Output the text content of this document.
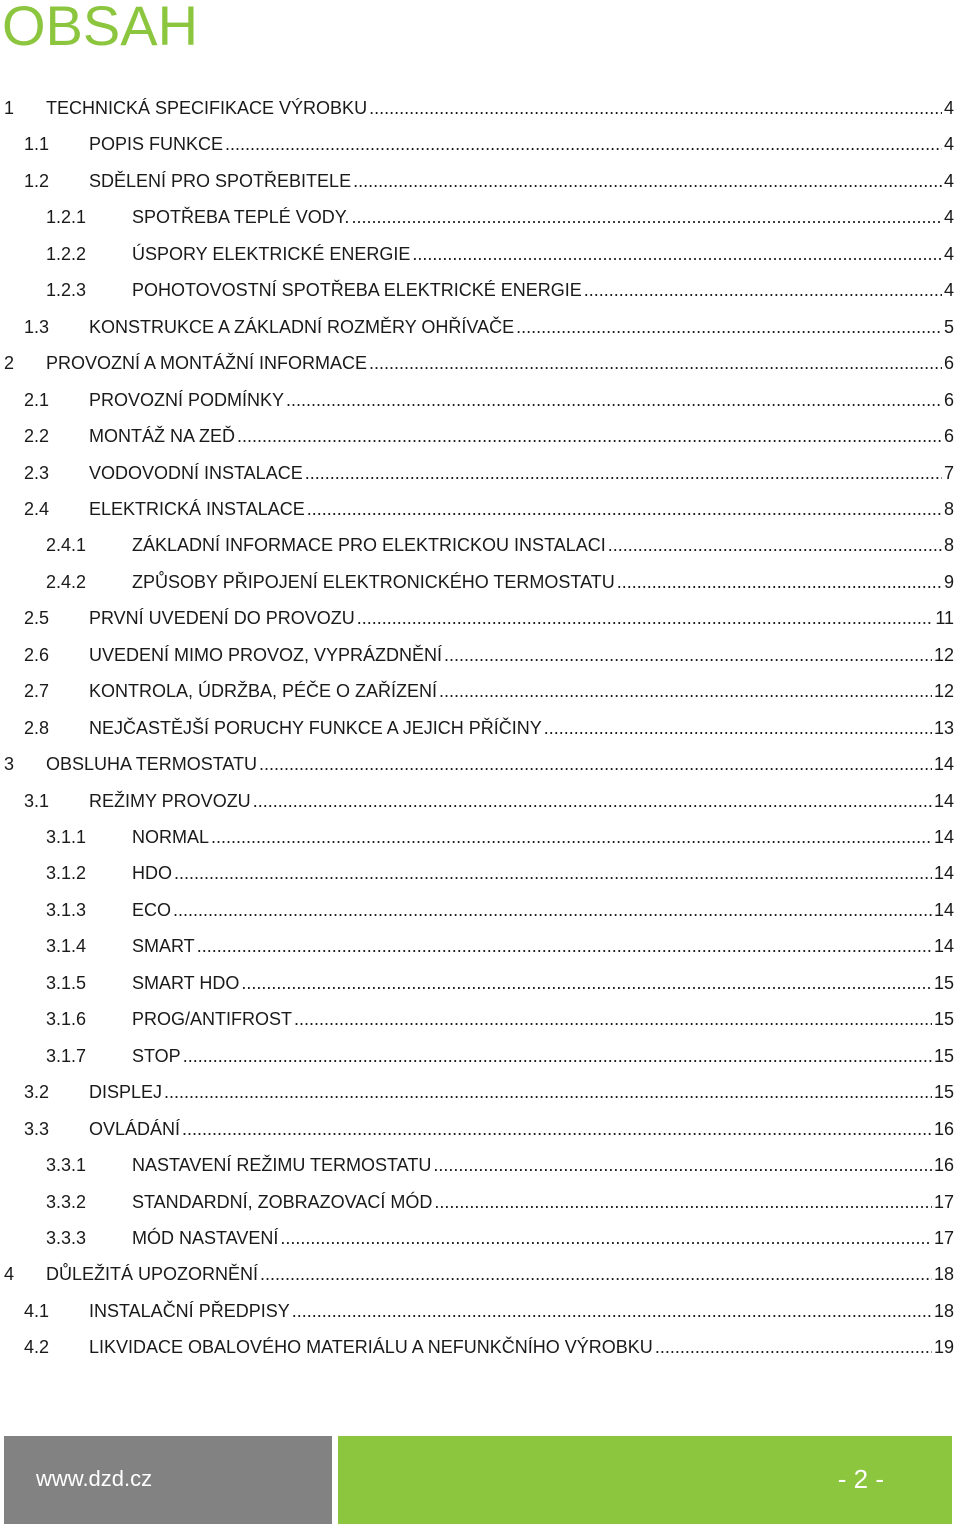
OBSAH
1 TECHNICKÁ SPECIFIKACE VÝROBKU .....	4
1.1 POPIS FUNKCE .....	4
1.2 SDĚLENÍ PRO SPOTŘEBITELE .....	4
1.2.1	SPOTŘEBA TEPLÉ VODY. .....	4
1.2.2	ÚSPORY ELEKTRICKÉ ENERGIE .....	4
1.2.3	POHOTOVOSTNÍ SPOTŘEBA ELEKTRICKÉ ENERGIE .....	4
1.3 KONSTRUKCE A ZÁKLADNÍ ROZMĚRY OHŘÍVAČE .....	5
2 PROVOZNÍ A MONTÁŽNÍ INFORMACE .....	6
2.1 PROVOZNÍ PODMÍNKY .....	6
2.2 MONTÁŽ NA ZEĎ .....	6
2.3 VODOVODNÍ INSTALACE .....	7
2.4 ELEKTRICKÁ INSTALACE .....	8
2.4.1	ZÁKLADNÍ INFORMACE PRO ELEKTRICKOU INSTALACI .....	8
2.4.2	ZPŮSOBY PŘIPOJENÍ ELEKTRONICKÉHO TERMOSTATU .....	9
2.5 PRVNÍ UVEDENÍ DO PROVOZU .....	11
2.6 UVEDENÍ MIMO PROVOZ, VYPRÁZDNĚNÍ .....	12
2.7 KONTROLA, ÚDRŽBA, PÉČE O ZAŘÍZENÍ .....	12
2.8 NEJČASTĚJŠÍ PORUCHY FUNKCE A JEJICH PŘÍČINY .....	13
3 OBSLUHA TERMOSTATU .....	14
3.1 REŽIMY PROVOZU .....	14
3.1.1	NORMAL .....	14
3.1.2	HDO .....	14
3.1.3	ECO .....	14
3.1.4	SMART .....	14
3.1.5	SMART HDO .....	15
3.1.6	PROG/ANTIFROST .....	15
3.1.7	STOP .....	15
3.2 DISPLEJ .....	15
3.3 OVLÁDÁNÍ .....	16
3.3.1	NASTAVENÍ REŽIMU TERMOSTATU .....	16
3.3.2	STANDARDNÍ, ZOBRAZOVACÍ MÓD .....	17
3.3.3	MÓD NASTAVENÍ .....	17
4 DŮLEŽITÁ UPOZORNĚNÍ .....	18
4.1 INSTALAČNÍ PŘEDPISY .....	18
4.2 LIKVIDACE OBALOVÉHO MATERIÁLU A NEFUNKČNÍHO VÝROBKU .....	19
www.dzd.cz	- 2 -
